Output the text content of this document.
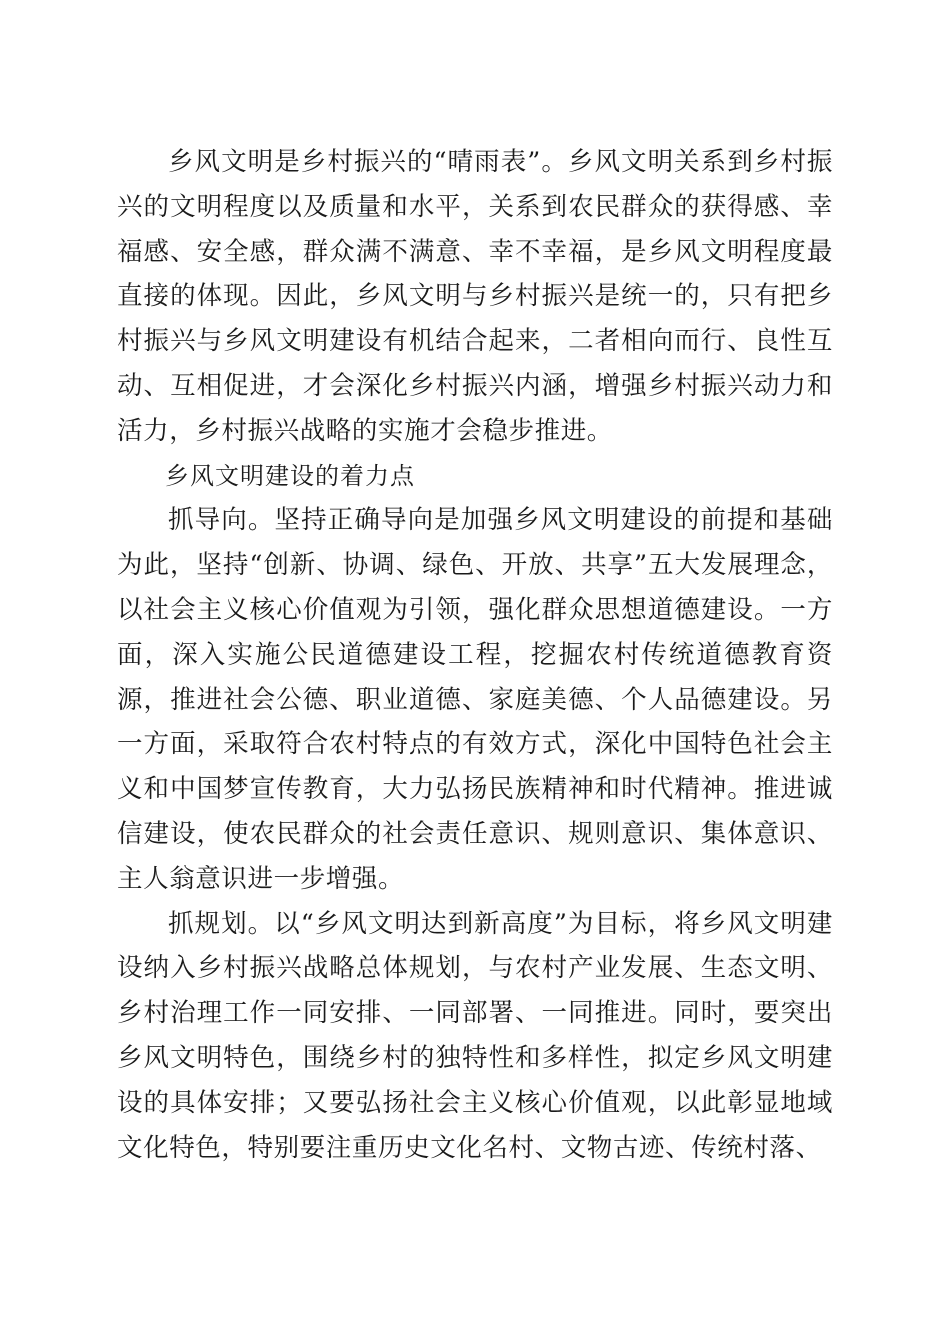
乡风文明是乡村振兴的“晴雨表”。乡风文明关系到乡村振兴的文明程度以及质量和水平，关系到农民群众的获得感、幸福感、安全感，群众满不满意、幸不幸福，是乡风文明程度最直接的体现。因此，乡风文明与乡村振兴是统一的，只有把乡村振兴与乡风文明建设有机结合起来，二者相向而行、良性互动、互相促进，才会深化乡村振兴内涵，增强乡村振兴动力和活力，乡村振兴战略的实施才会稳步推进。

乡风文明建设的着力点

抓导向。坚持正确导向是加强乡风文明建设的前提和基础为此，坚持“创新、协调、绿色、开放、共享”五大发展理念，以社会主义核心价值观为引领，强化群众思想道德建设。一方面，深入实施公民道德建设工程，挖掘农村传统道德教育资源，推进社会公德、职业道德、家庭美德、个人品德建设。另一方面，采取符合农村特点的有效方式，深化中国特色社会主义和中国梦宣传教育，大力弘扬民族精神和时代精神。推进诚信建设，使农民群众的社会责任意识、规则意识、集体意识、主人翁意识进一步增强。

抓规划。以“乡风文明达到新高度”为目标，将乡风文明建设纳入乡村振兴战略总体规划，与农村产业发展、生态文明、乡村治理工作一同安排、一同部署、一同推进。同时，要突出乡风文明特色，围绕乡村的独特性和多样性，拟定乡风文明建设的具体安排；又要弘扬社会主义核心价值观，以此彰显地域文化特色，特别要注重历史文化名村、文物古迹、传统村落、
